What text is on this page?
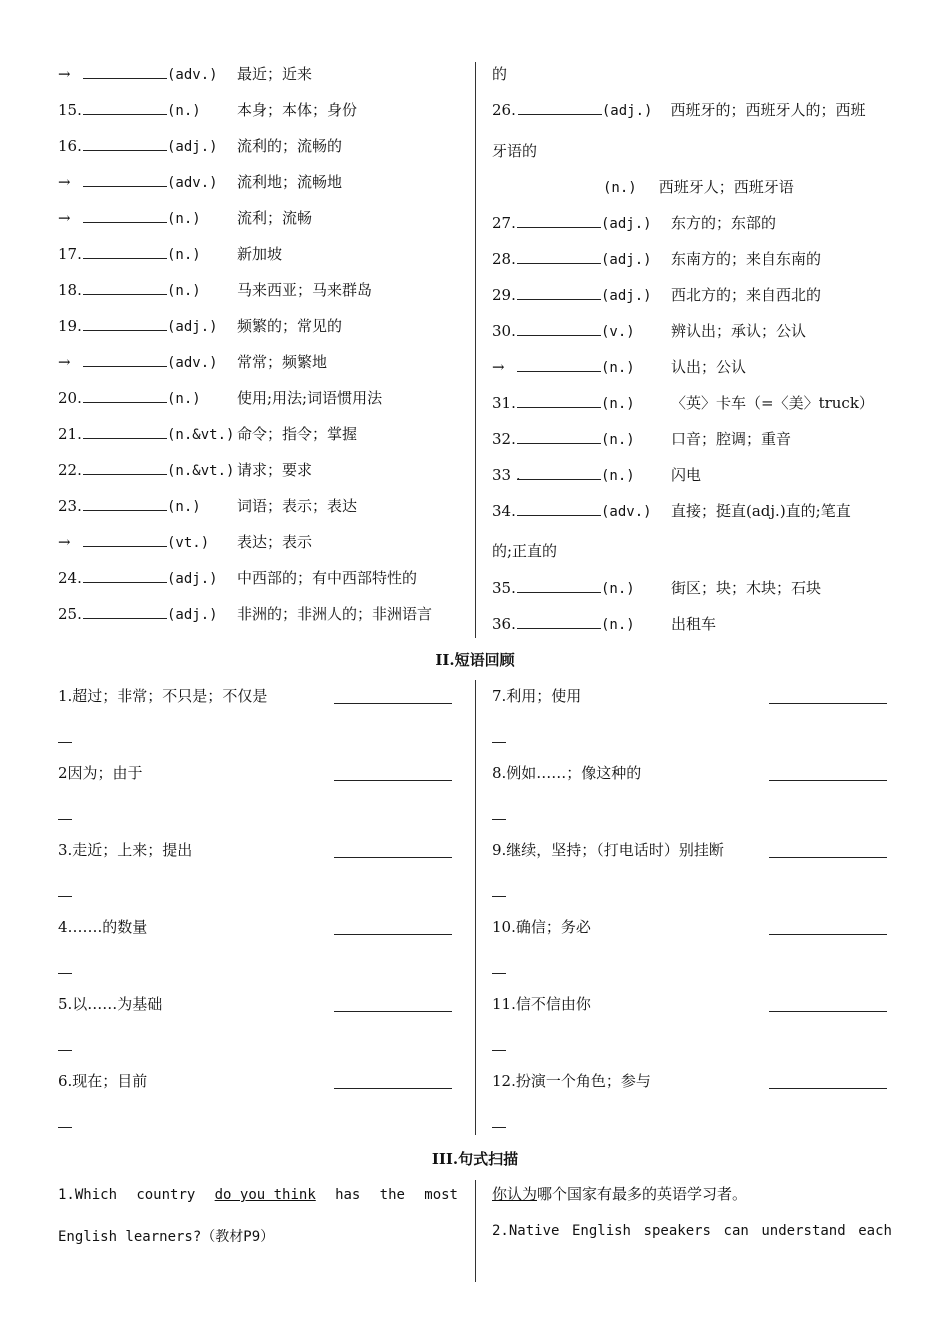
→	(adv.) 最近；近来
15.	(n.) 本身；本体；身份
16.	(adj.) 流利的；流畅的
→	(adv.) 流利地；流畅地
→	(n.) 流利；流畅
17.	(n.) 新加坡
18.	(n.) 马来西亚；马来群岛
19.	(adj.) 频繁的；常见的
→	(adv.) 常常；频繁地
20.	(n.) 使用;用法;词语惯用法
21.	(n.&vt.) 命令；指令；掌握
22.	(n.&vt.) 请求；要求
23.	(n.) 词语；表示；表达
→	(vt.) 表达；表示
24.	(adj.) 中西部的；有中西部特性的
25.	(adj.) 非洲的；非洲人的；非洲语言
的
26.	(adj.) 西班牙的；西班牙人的；西班
牙语的
(n.) 西班牙人；西班牙语
27.	(adj.) 东方的；东部的
28.	(adj.) 东南方的；来自东南的
29.	(adj.) 西北方的；来自西北的
30.	(v.) 辨认出；承认；公认
→	(n.) 认出；公认
31.	(n.) 〈英〉卡车（=〈美〉truck）
32.	(n.) 口音；腔调；重音
33 .	(n.) 闪电
34.	(adv.) 直接；挺直(adj.)直的;笔直
的;正直的
35.	(n.) 街区；块；木块；石块
36.	(n.) 出租车
II.短语回顾
1.超过；非常；不只是；不仅是
2因为；由于
3.走近；上来；提出
4…….的数量
5.以……为基础
6.现在；目前
7.利用；使用
8.例如……；像这种的
9.继续，坚持；（打电话时）别挂断
10.确信；务必
11.信不信由你
12.扮演一个角色；参与
III.句式扫描
1.Which country do you think has the most
English learners?（教材P9）
你认为哪个国家有最多的英语学习者。
2.Native English speakers can understand each
